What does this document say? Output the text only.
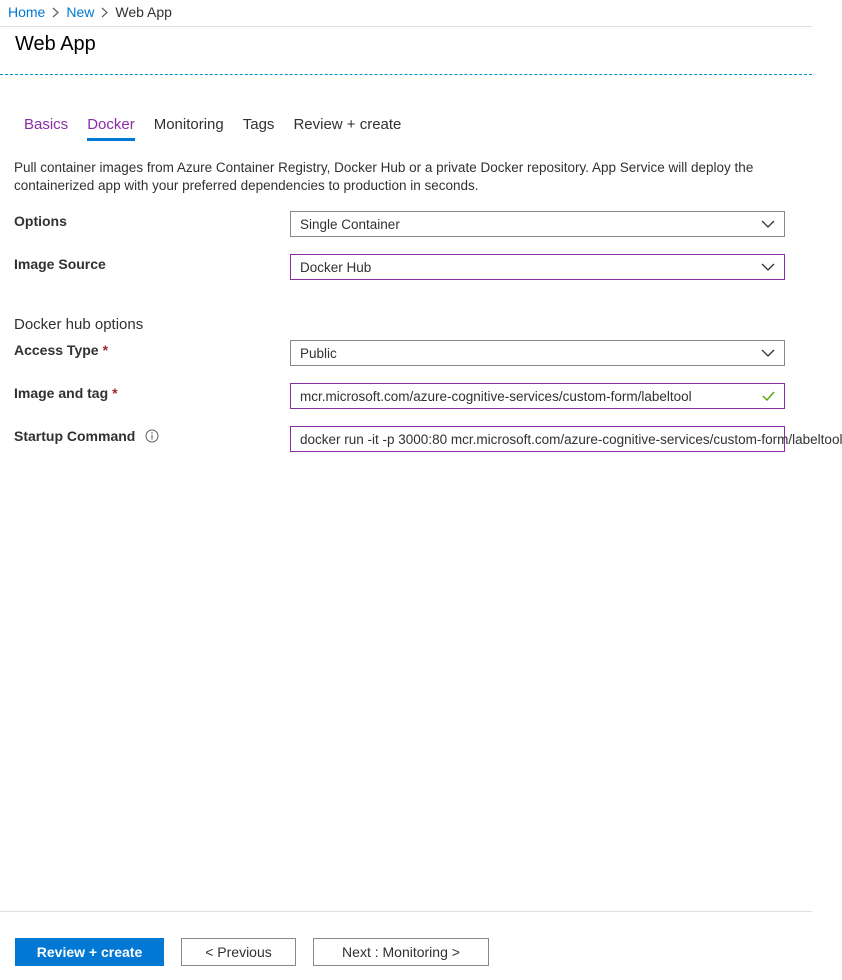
Home New Web App
Web App
Basics Docker Monitoring Tags Review + create

Pull container images from Azure Container Registry, Docker Hub or a private Docker repository. App Service will deploy the containerized app with your preferred dependencies to production in seconds.

Options	Single Container
Image Source	Docker Hub
Docker hub options
Access Type *	Public
Image and tag *	mcr.microsoft.com/azure-cognitive-services/custom-form/labeltool
Startup Command	docker run -it -p 3000:80 mcr.microsoft.com/azure-cognitive-services/custom-form/labeltool
Review + create	< Previous	Next : Monitoring >
